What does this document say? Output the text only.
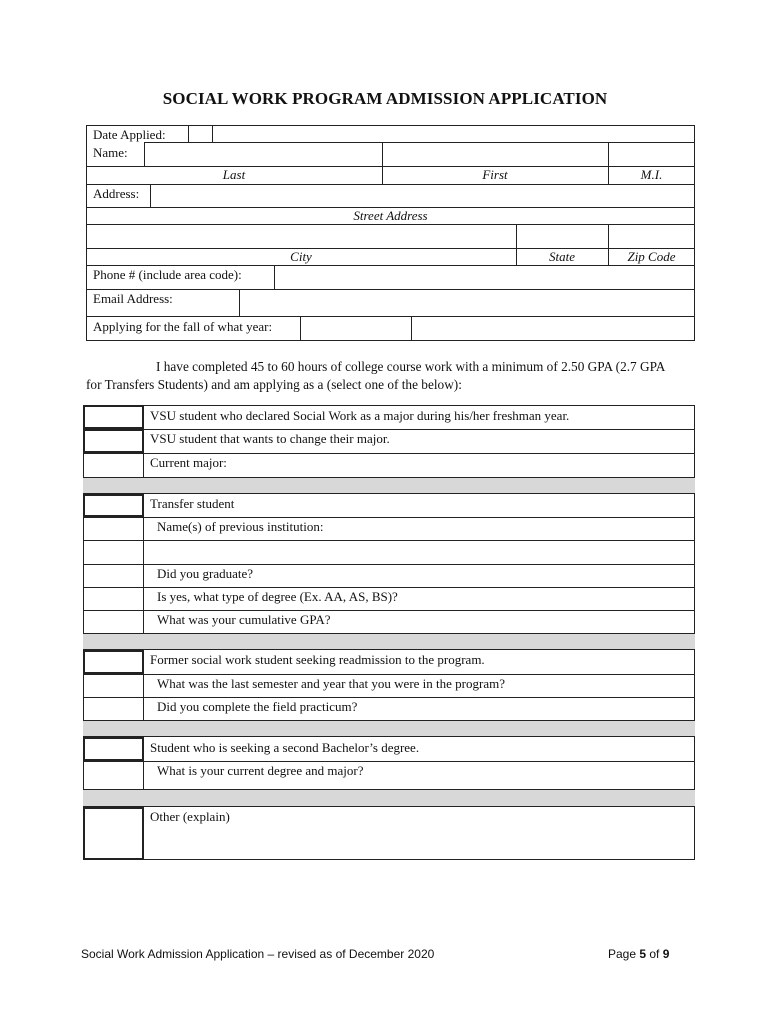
SOCIAL WORK PROGRAM ADMISSION APPLICATION
Date Applied:
Name:
Last	First	M.I.
Address:
Street Address
City	State	Zip Code
Phone # (include area code):
Email Address:
Applying for the fall of what year:
I have completed 45 to 60 hours of college course work with a minimum of 2.50 GPA (2.7 GPA
for Transfers Students) and am applying as a (select one of the below):
VSU student who declared Social Work as a major during his/her freshman year.
VSU student that wants to change their major.
Current major:
Transfer student
Name(s) of previous institution:
Did you graduate?
Is yes, what type of degree (Ex. AA, AS, BS)?
What was your cumulative GPA?
Former social work student seeking readmission to the program.
What was the last semester and year that you were in the program?
Did you complete the field practicum?
Student who is seeking a second Bachelor’s degree.
What is your current degree and major?
Other (explain)
Social Work Admission Application – revised as of December 2020	Page 5 of 9
